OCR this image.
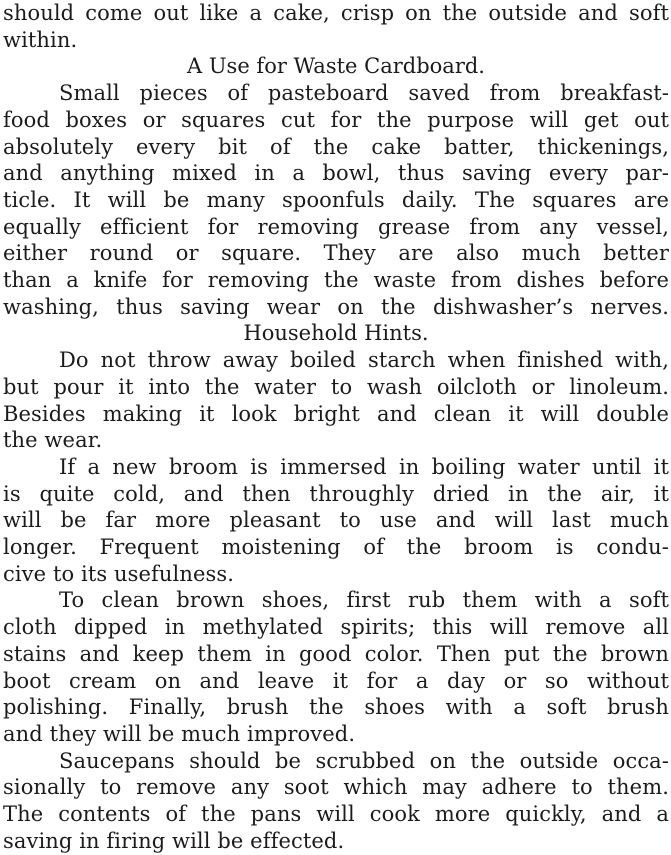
should come out like a cake, crisp on the outside and soft
within.
A Use for Waste Cardboard.
Small pieces of pasteboard saved from breakfast-
food boxes or squares cut for the purpose will get out
absolutely every bit of the cake batter, thickenings,
and anything mixed in a bowl, thus saving every par-
ticle. It will be many spoonfuls daily. The squares are
equally efficient for removing grease from any vessel,
either round or square. They are also much better
than a knife for removing the waste from dishes before
washing, thus saving wear on the dishwasher’s nerves.
Household Hints.
Do not throw away boiled starch when finished with,
but pour it into the water to wash oilcloth or linoleum.
Besides making it look bright and clean it will double
the wear.
If a new broom is immersed in boiling water until it
is quite cold, and then throughly dried in the air, it
will be far more pleasant to use and will last much
longer. Frequent moistening of the broom is condu-
cive to its usefulness.
To clean brown shoes, first rub them with a soft
cloth dipped in methylated spirits; this will remove all
stains and keep them in good color. Then put the brown
boot cream on and leave it for a day or so without
polishing. Finally, brush the shoes with a soft brush
and they will be much improved.
Saucepans should be scrubbed on the outside occa-
sionally to remove any soot which may adhere to them.
The contents of the pans will cook more quickly, and a
saving in firing will be effected.
